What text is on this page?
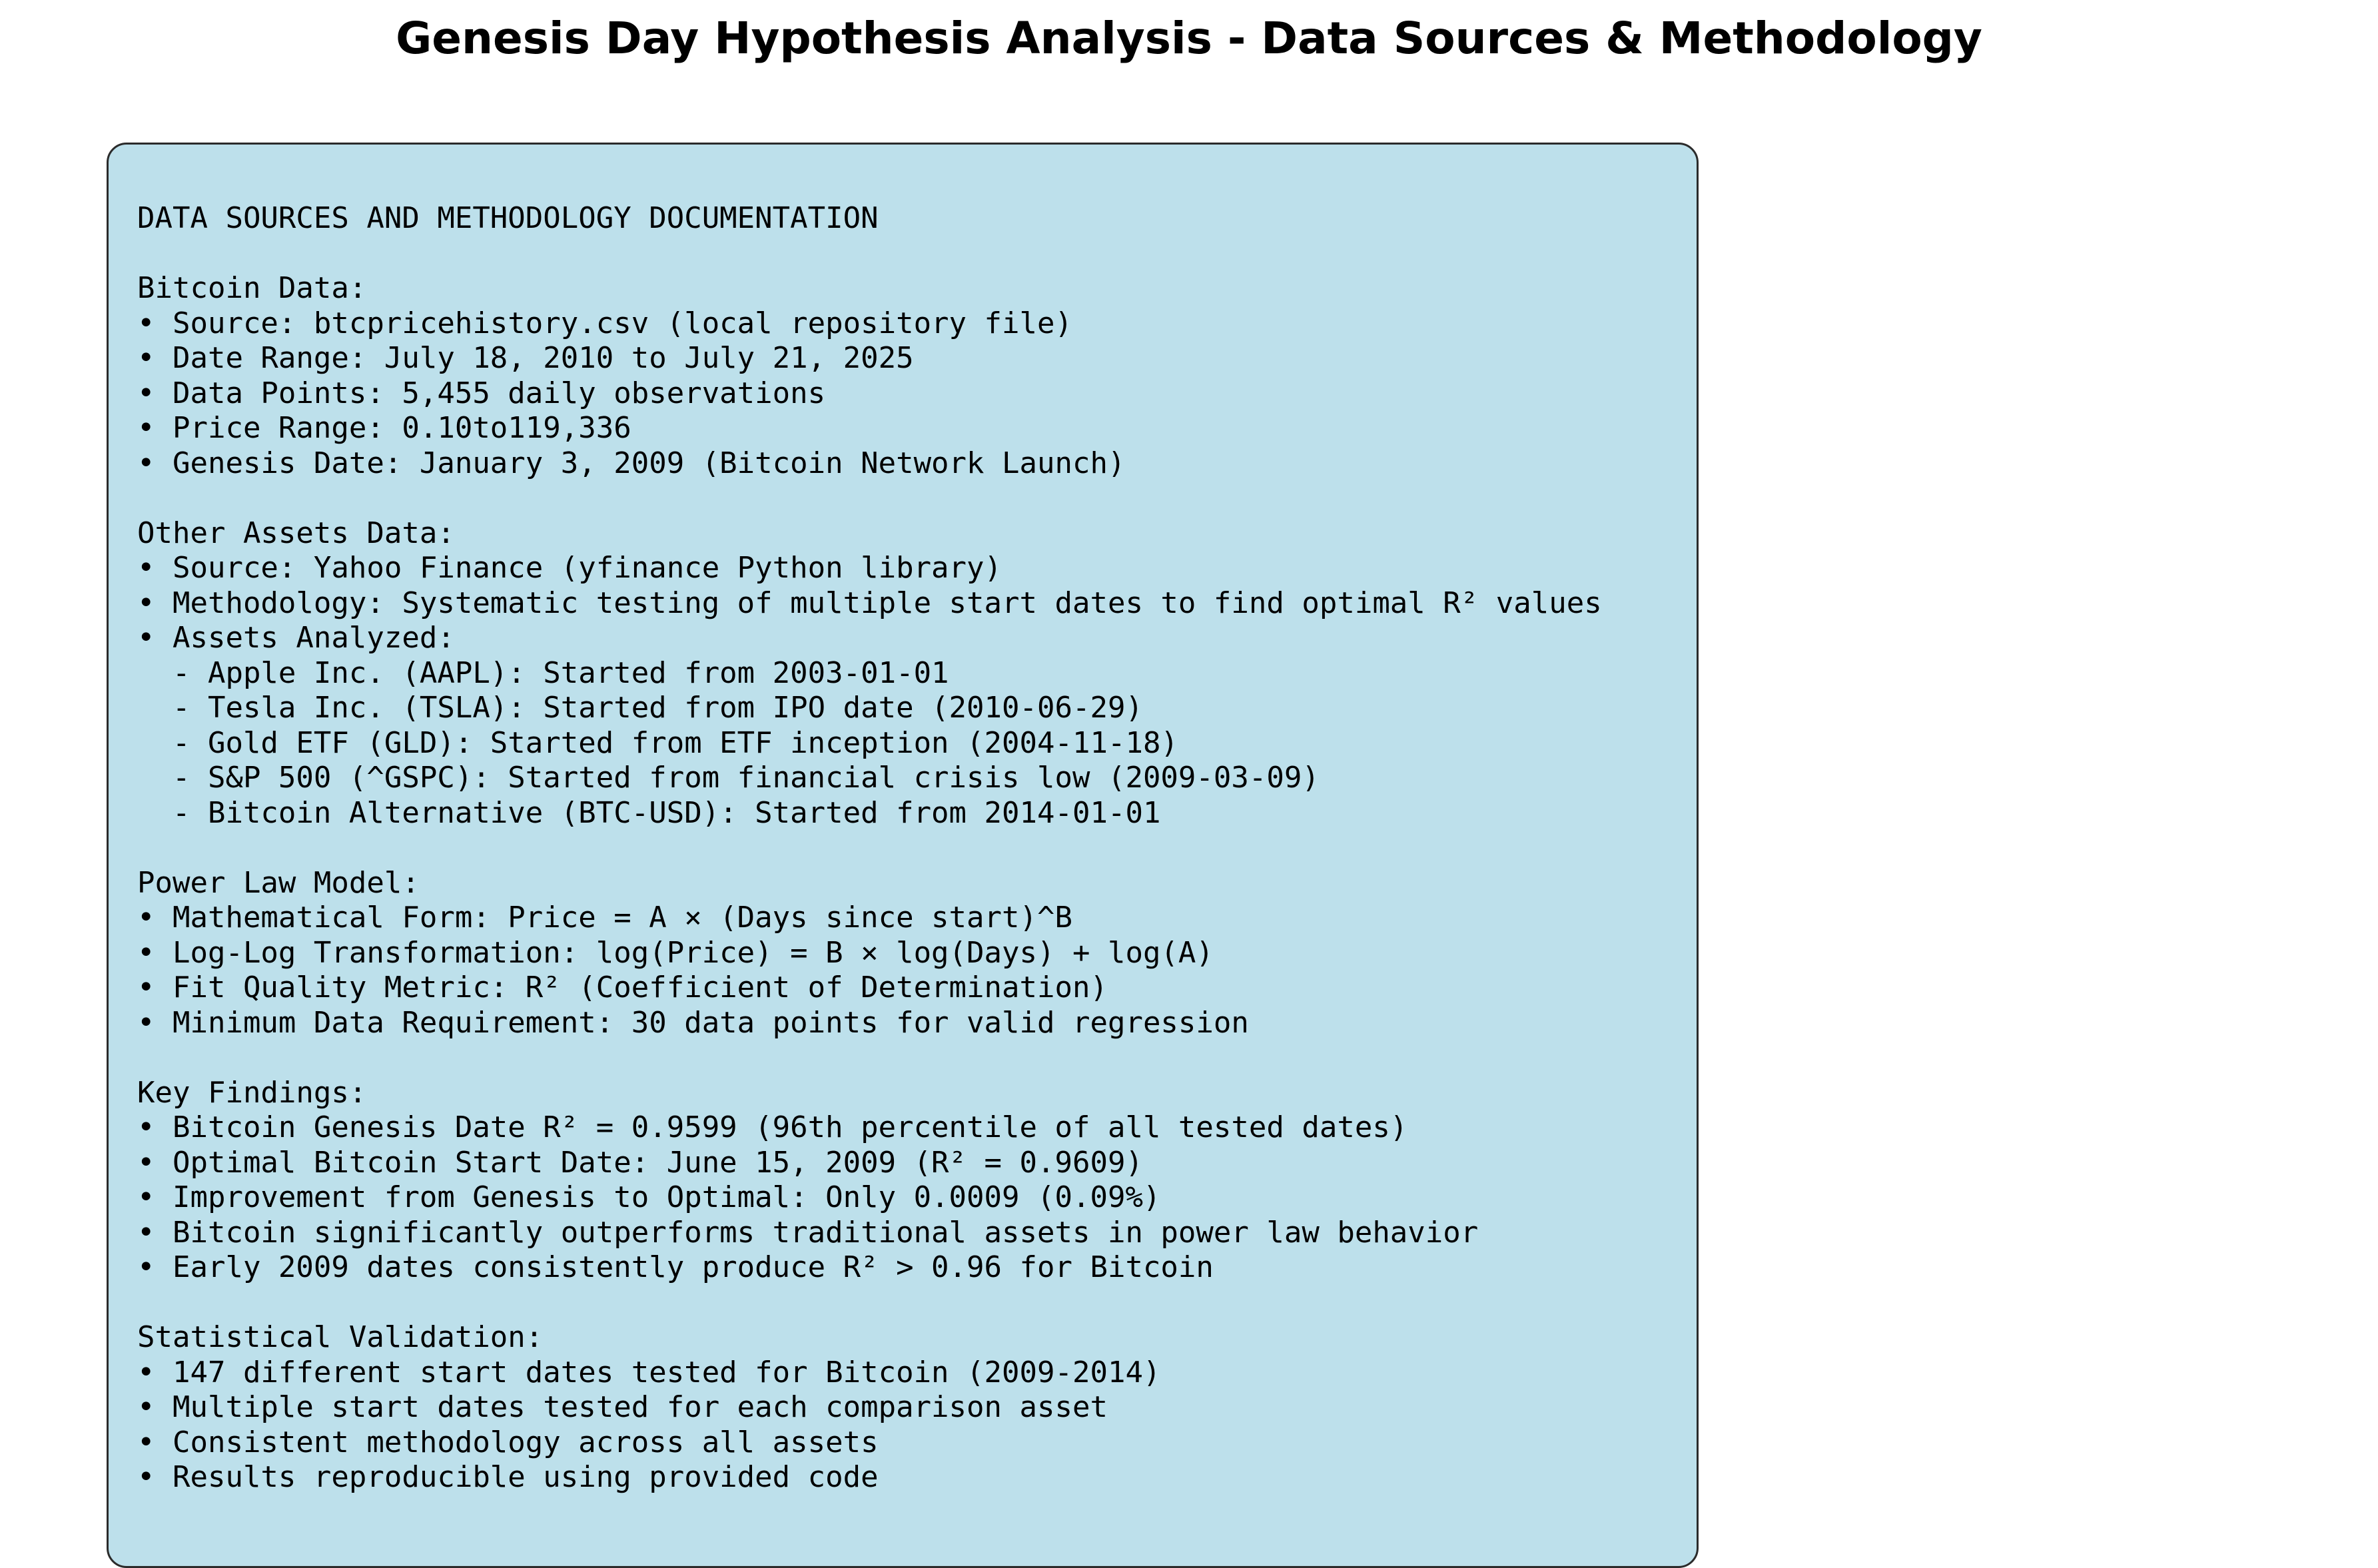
Genesis Day Hypothesis Analysis - Data Sources & Methodology
DATA SOURCES AND METHODOLOGY DOCUMENTATION

Bitcoin Data:
• Source: btcpricehistory.csv (local repository file)
• Date Range: July 18, 2010 to July 21, 2025
• Data Points: 5,455 daily observations
• Price Range: 0.10to119,336
• Genesis Date: January 3, 2009 (Bitcoin Network Launch)

Other Assets Data:
• Source: Yahoo Finance (yfinance Python library)
• Methodology: Systematic testing of multiple start dates to find optimal R² values
• Assets Analyzed:
- Apple Inc. (AAPL): Started from 2003-01-01
- Tesla Inc. (TSLA): Started from IPO date (2010-06-29)
- Gold ETF (GLD): Started from ETF inception (2004-11-18)
- S&P 500 (^GSPC): Started from financial crisis low (2009-03-09)
- Bitcoin Alternative (BTC-USD): Started from 2014-01-01

Power Law Model:
• Mathematical Form: Price = A × (Days since start)^B
• Log-Log Transformation: log(Price) = B × log(Days) + log(A)
• Fit Quality Metric: R² (Coefficient of Determination)
• Minimum Data Requirement: 30 data points for valid regression

Key Findings:
• Bitcoin Genesis Date R² = 0.9599 (96th percentile of all tested dates)
• Optimal Bitcoin Start Date: June 15, 2009 (R² = 0.9609)
• Improvement from Genesis to Optimal: Only 0.0009 (0.09%)
• Bitcoin significantly outperforms traditional assets in power law behavior
• Early 2009 dates consistently produce R² > 0.96 for Bitcoin

Statistical Validation:
• 147 different start dates tested for Bitcoin (2009-2014)
• Multiple start dates tested for each comparison asset
• Consistent methodology across all assets
• Results reproducible using provided code
